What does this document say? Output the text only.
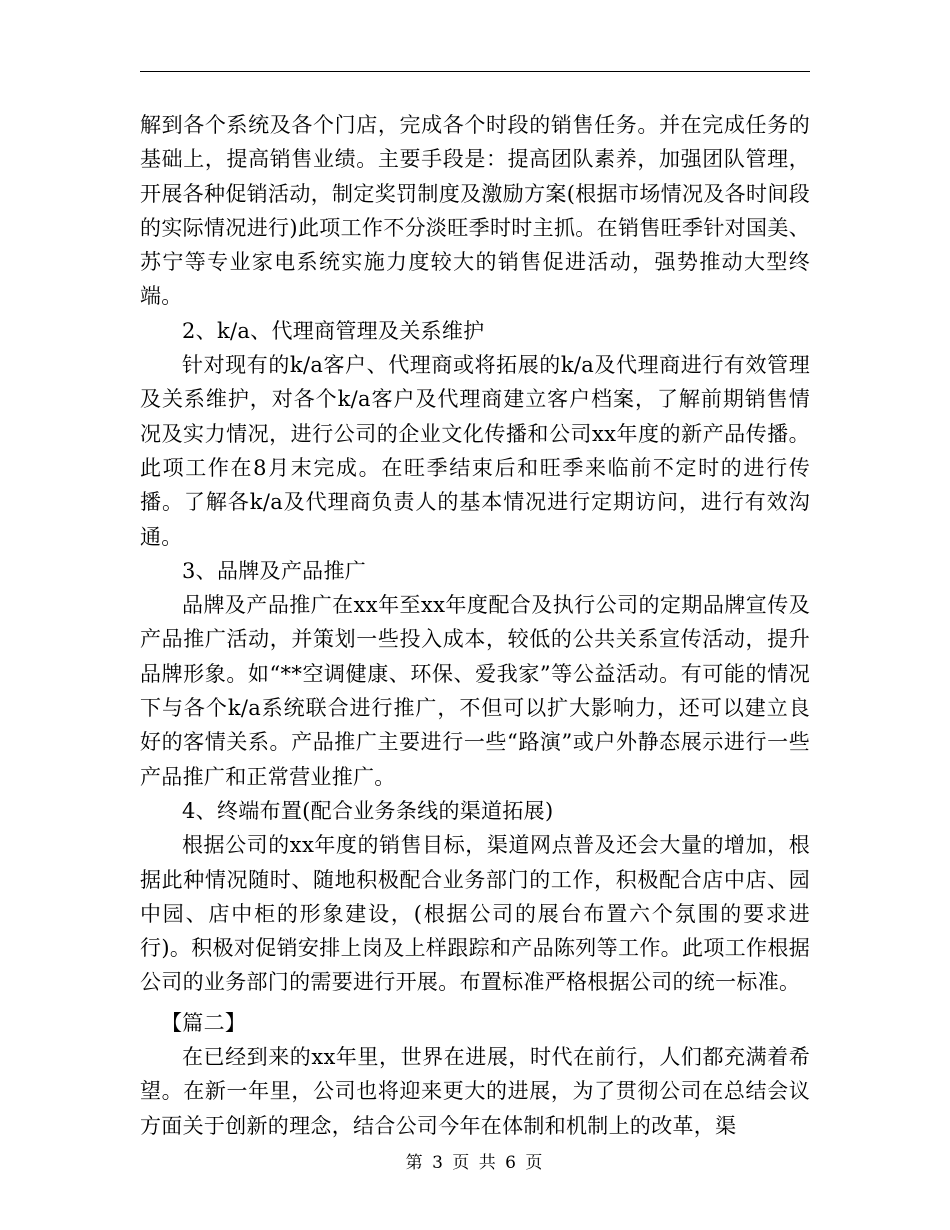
解到各个系统及各个门店，完成各个时段的销售任务。并在完成任务的基础上，提高销售业绩。主要手段是：提高团队素养，加强团队管理，开展各种促销活动，制定奖罚制度及激励方案(根据市场情况及各时间段的实际情况进行)此项工作不分淡旺季时时主抓。在销售旺季针对国美、苏宁等专业家电系统实施力度较大的销售促进活动，强势推动大型终端。

2、k/a、代理商管理及关系维护

针对现有的k/a客户、代理商或将拓展的k/a及代理商进行有效管理及关系维护，对各个k/a客户及代理商建立客户档案，了解前期销售情况及实力情况，进行公司的企业文化传播和公司xx年度的新产品传播。此项工作在8月末完成。在旺季结束后和旺季来临前不定时的进行传播。了解各k/a及代理商负责人的基本情况进行定期访问，进行有效沟通。

3、品牌及产品推广

品牌及产品推广在xx年至xx年度配合及执行公司的定期品牌宣传及产品推广活动，并策划一些投入成本，较低的公共关系宣传活动，提升品牌形象。如“**空调健康、环保、爱我家”等公益活动。有可能的情况下与各个k/a系统联合进行推广，不但可以扩大影响力，还可以建立良好的客情关系。产品推广主要进行一些“路演”或户外静态展示进行一些产品推广和正常营业推广。

4、终端布置(配合业务条线的渠道拓展)

根据公司的xx年度的销售目标，渠道网点普及还会大量的增加，根据此种情况随时、随地积极配合业务部门的工作，积极配合店中店、园中园、店中柜的形象建设，(根据公司的展台布置六个氛围的要求进行)。积极对促销安排上岗及上样跟踪和产品陈列等工作。此项工作根据公司的业务部门的需要进行开展。布置标准严格根据公司的统一标准。

【篇二】

在已经到来的xx年里，世界在进展，时代在前行，人们都充满着希望。在新一年里，公司也将迎来更大的进展，为了贯彻公司在总结会议方面关于创新的理念，结合公司今年在体制和机制上的改革，渠

第 3 页 共 6 页
